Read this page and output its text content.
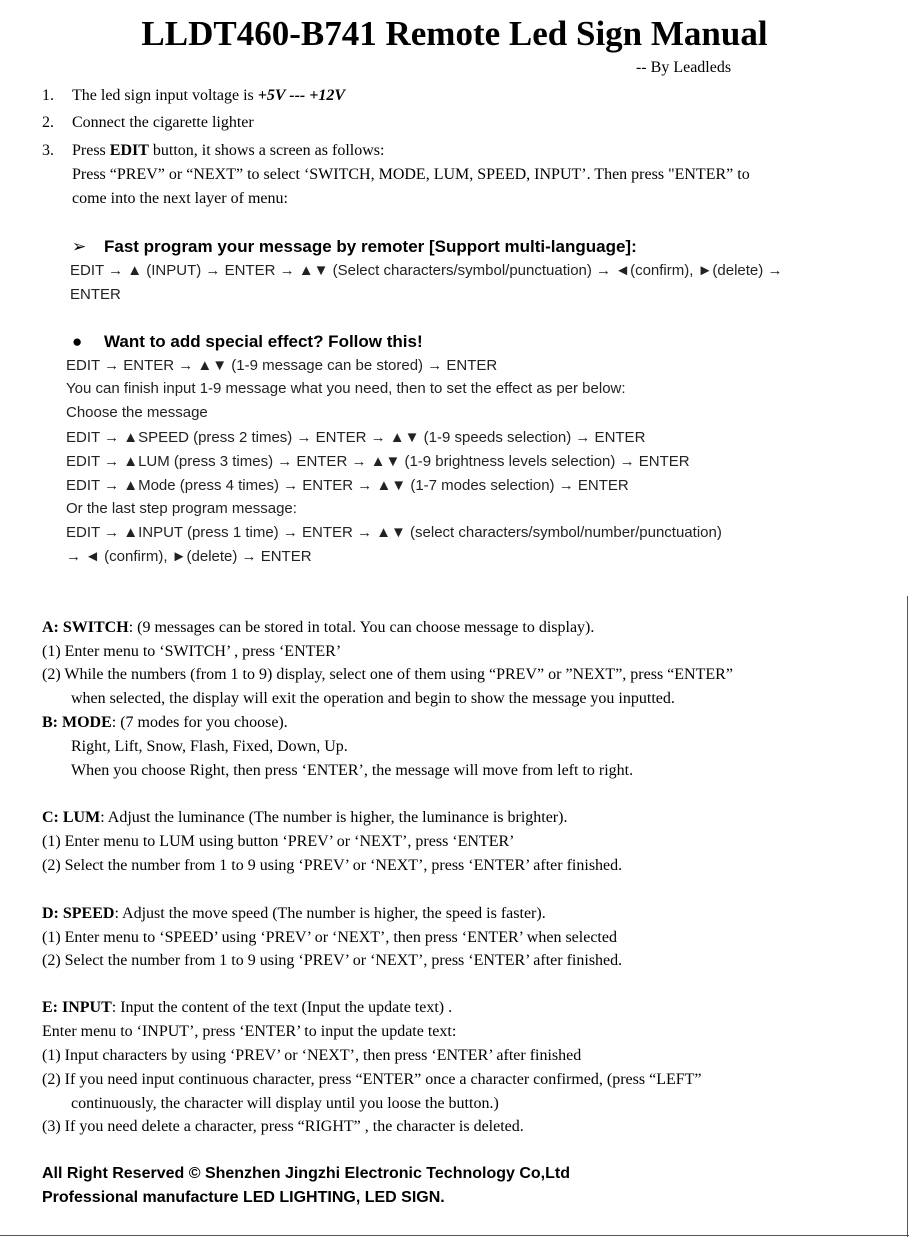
LLDT460-B741 Remote Led Sign Manual
-- By Leadleds
1. The led sign input voltage is +5V --- +12V
2. Connect the cigarette lighter
3. Press EDIT button, it shows a screen as follows:
Press “PREV” or “NEXT” to select ‘SWITCH, MODE, LUM, SPEED, INPUT’. Then press "ENTER” to
come into the next layer of menu:
➢ Fast program your message by remoter [Support multi-language]:
EDIT → ▲ (INPUT) → ENTER → ▲▼ (Select characters/symbol/punctuation) → ◄(confirm), ►(delete) →
ENTER
● Want to add special effect? Follow this!
EDIT → ENTER → ▲▼ (1-9 message can be stored) → ENTER
You can finish input 1-9 message what you need, then to set the effect as per below:
Choose the message
EDIT → ▲SPEED (press 2 times) → ENTER → ▲▼ (1-9 speeds selection) → ENTER
EDIT → ▲LUM (press 3 times) → ENTER → ▲▼ (1-9 brightness levels selection) → ENTER
EDIT → ▲Mode (press 4 times) → ENTER → ▲▼ (1-7 modes selection) → ENTER
Or the last step program message:
EDIT → ▲INPUT (press 1 time) → ENTER → ▲▼ (select characters/symbol/number/punctuation)
→ ◄ (confirm), ►(delete) → ENTER
A: SWITCH: (9 messages can be stored in total. You can choose message to display).
(1) Enter menu to ‘SWITCH’ , press ‘ENTER’
(2) While the numbers (from 1 to 9) display, select one of them using “PREV” or ”NEXT”, press “ENTER”
when selected, the display will exit the operation and begin to show the message you inputted.
B: MODE: (7 modes for you choose).
Right, Lift, Snow, Flash, Fixed, Down, Up.
When you choose Right, then press ‘ENTER’, the message will move from left to right.
C: LUM: Adjust the luminance (The number is higher, the luminance is brighter).
(1) Enter menu to LUM using button ‘PREV’ or ‘NEXT’, press ‘ENTER’
(2) Select the number from 1 to 9 using ‘PREV’ or ‘NEXT’, press ‘ENTER’ after finished.
D: SPEED: Adjust the move speed (The number is higher, the speed is faster).
(1) Enter menu to ‘SPEED’ using ‘PREV’ or ‘NEXT’, then press ‘ENTER’ when selected
(2) Select the number from 1 to 9 using ‘PREV’ or ‘NEXT’, press ‘ENTER’ after finished.
E: INPUT: Input the content of the text (Input the update text) .
Enter menu to ‘INPUT’, press ‘ENTER’ to input the update text:
(1) Input characters by using ‘PREV’ or ‘NEXT’, then press ‘ENTER’ after finished
(2) If you need input continuous character, press “ENTER” once a character confirmed, (press “LEFT”
continuously, the character will display until you loose the button.)
(3) If you need delete a character, press “RIGHT” , the character is deleted.
All Right Reserved © Shenzhen Jingzhi Electronic Technology Co,Ltd
Professional manufacture LED LIGHTING, LED SIGN.
